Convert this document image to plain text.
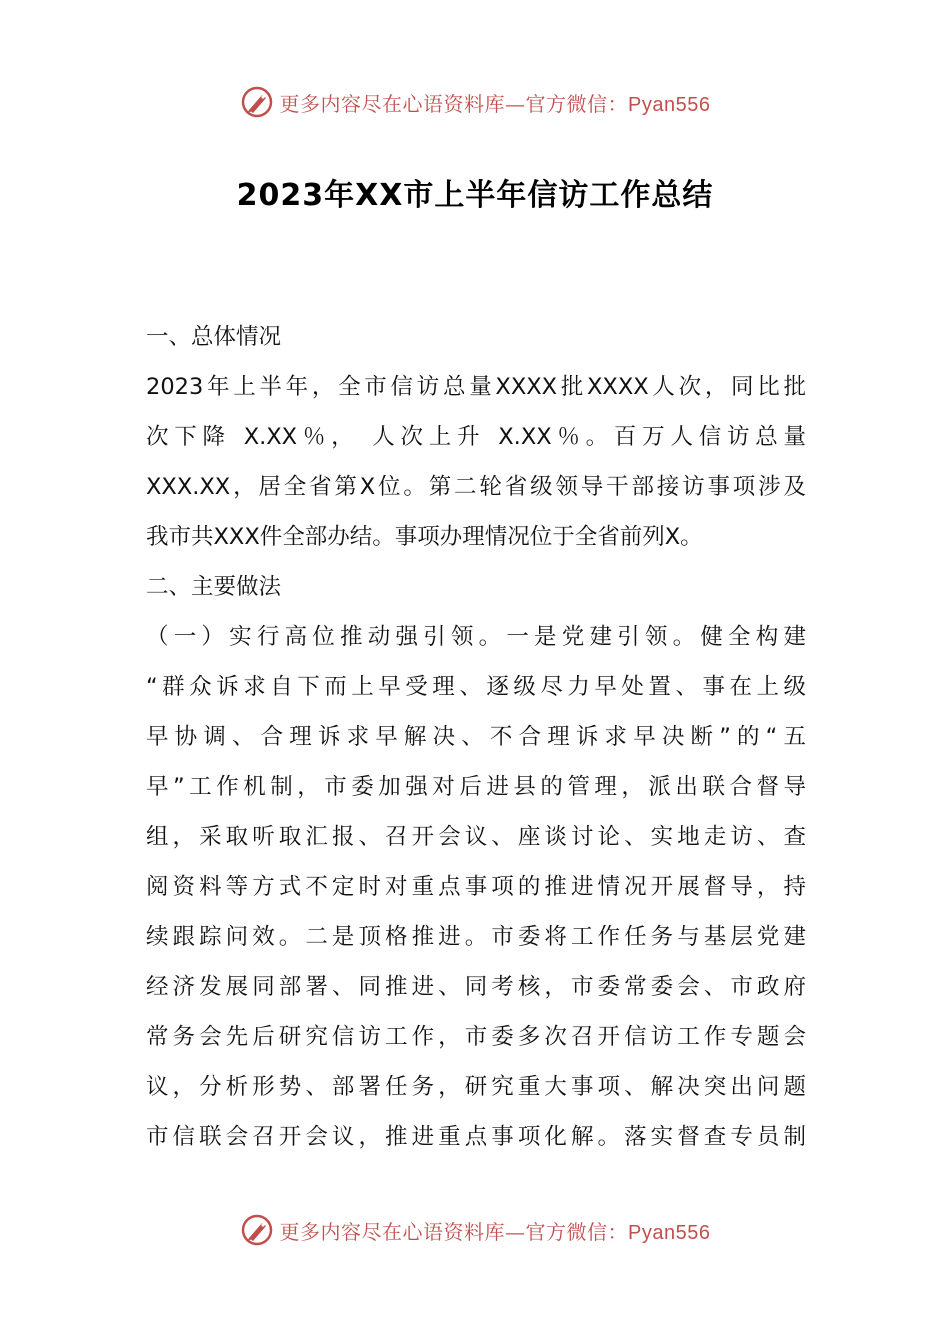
更多内容尽在心语资料库—官方微信：Pyan556
2023年XX市上半年信访工作总结
一、总体情况
2023年上半年，全市信访总量XXXX批XXXX人次，同比批
次下降 X.XX％， 人次上升 X.XX％。百万人信访总量
XXX.XX，居全省第X位。第二轮省级领导干部接访事项涉及
我市共XXX件全部办结。事项办理情况位于全省前列X。
二、主要做法
（一）实行高位推动强引领。一是党建引领。健全构建
“群众诉求自下而上早受理、逐级尽力早处置、事在上级
早协调、合理诉求早解决、不合理诉求早决断”的“五
早”工作机制，市委加强对后进县的管理，派出联合督导
组，采取听取汇报、召开会议、座谈讨论、实地走访、查
阅资料等方式不定时对重点事项的推进情况开展督导，持
续跟踪问效。二是顶格推进。市委将工作任务与基层党建
经济发展同部署、同推进、同考核，市委常委会、市政府
常务会先后研究信访工作，市委多次召开信访工作专题会
议，分析形势、部署任务，研究重大事项、解决突出问题
市信联会召开会议，推进重点事项化解。落实督查专员制
更多内容尽在心语资料库—官方微信：Pyan556
